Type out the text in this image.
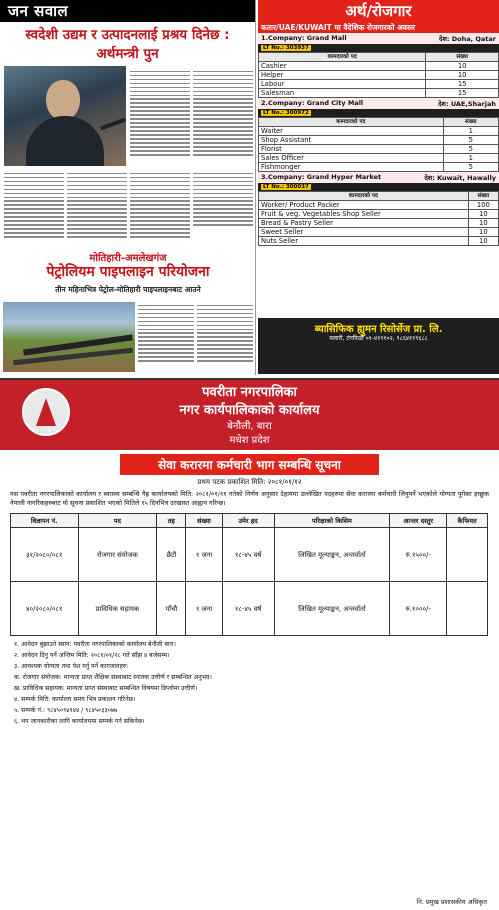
जन सवाल
स्वदेशी उद्यम र उत्पादनलाई प्रश्रय दिनेछ : अर्थमन्त्री पुन
मोतिहारी-अमलेखगंज
पेट्रोलियम पाइपलाइन परियोजना
तीन महिनाभित्र पेट्रोल-मोतिहारी पाइपलाइनबाट आउने
अर्थ/रोजगार
कतार/UAE/KUWAIT मा वैदेशिक रोजगारको अवसर
1.Company: Grand Mall	देश: Doha, Qatar
LT No.: 303937
कामदारको पद	संख्या
Cashier	10
Helper	10
Labour	15
Salesman	15
2.Company: Grand City Mall	देश: UAE,Sharjah
LT No.: 300972
कामदारको पद	संख्या
Waiter	1
Shop Assistant	5
Florist	5
Sales Officer	1
Fishmonger	5
3.Company: Grand Hyper Market	देश: Kuwait, Hawally
LT No.: 300037
कामदारको पद	संख्या
Worker/ Product Packer	100
Fruit & veg. Vegetables Shop Seller	10
Bread & Pastry Seller	10
Sweet Seller	10
Nuts Seller	10
ब्यासिफिक ह्युमन रिसोर्सेज प्रा. लि.
मलारी, टंगफिडी ०१-४१९१०२, ९८६४११९६८८
पवरीता नगरपालिका
नगर कार्यपालिकाको कार्यालय
बेनौली, बारा
मधेश प्रदेश
सेवा करारमा कर्मचारी भाग सम्बन्धि सूचना
प्रथम पटक प्रकाशित मिति: २०८१/०१/१२
यस पवरीता नगरपालिकाको कार्यालय र स्वास्थ्य सम्बन्धि गैह्र कार्यालयको मिति: २०८१/०१/११ गतेको निर्णय अनुसार देहायमा उल्लेखित पदहरुमा सेवा करारमा कर्मचारी लिनुपर्ने भएकोले योग्यता पुगेका इच्छुक नेपाली नागरिकहरुबाट यो सूचना प्रकाशित भएको मितिले १५ दिनभित्र दरखास्त आह्वान गरिन्छ।
विज्ञापन नं.	पद	तह	संख्या	उमेर हद	परिक्षाको किसिम	आन्तर दस्तुर	कैफियत
३१/२०८०/०८१	रोजगार संयोजक	छैटौ	१ जना	१८-४५ वर्ष	लिखित मूल्याङ्कन, अन्तर्वार्ता	रु.१५००/-	
४०/२०८०/०८१	प्राविधिक सहायक	पाँचौ	१ जना	१८-४५ वर्ष	लिखित मूल्याङ्कन, अन्तर्वार्ता	रु.१०००/-	
१. आवेदन बुझाउने स्थान: पवरीता नगरपालिकाको कार्यालय बेनौली बारा।
२. आवेदन दिनु पर्ने अन्तिम मिति: २०८१/०१/२८ गते साँझ ४ बजेसम्म।
३. आवश्यक योग्यता तथा पेश गर्नु पर्ने कागजातहरु:
क. रोजगार संयोजक: मान्यता प्राप्त शैक्षिक संस्थाबाट स्नातक उत्तीर्ण र सम्बन्धित अनुभव।
ख. प्राविधिक सहायक: मान्यता प्राप्त संस्थाबाट सम्बन्धित विषयमा डिप्लोमा उत्तीर्ण।
४. सम्पर्क मिति: कार्यालय समय भित्र प्रकाशन गरिनेछ।
५. सम्पर्क नं.: ९८४५०९४१४४ / ९८४५०३३०७७
६. थप जानकारीका लागि कार्यालयमा सम्पर्क गर्न सकिनेछ।
नि. प्रमुख प्रशासकीय अधिकृत
